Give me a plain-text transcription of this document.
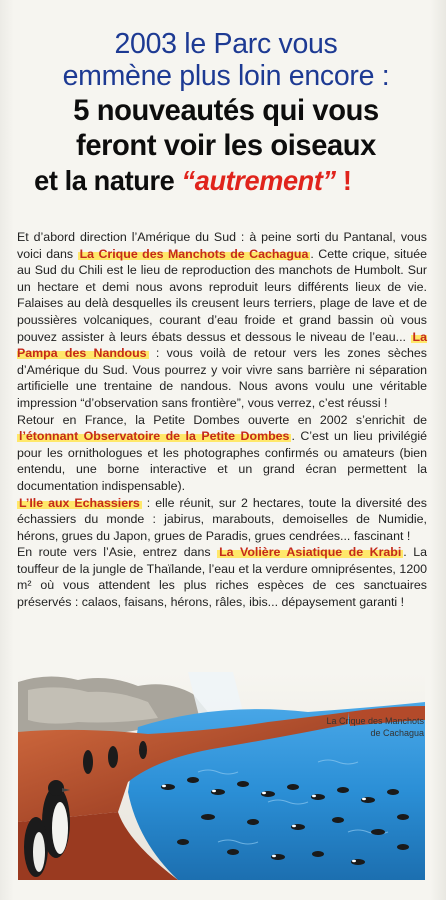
2003 le Parc vous
emmène plus loin encore :
5 nouveautés qui vous
feront voir les oiseaux
et la nature “autrement” !

Et d’abord direction l’Amérique du Sud : à peine sorti du Pantanal, vous voici dans La Crique des Manchots de Cachagua . Cette crique, située au Sud du Chili est le lieu de reproduction des manchots de Humbolt. Sur un hectare et demi nous avons reproduit leurs différents lieux de vie. Falaises au delà desquelles ils creusent leurs terriers, plage de lave et de poussières volcaniques, courant d’eau froide et grand bassin où vous pouvez assister à leurs ébats dessus et dessous le niveau de l’eau... La Pampa des Nandous : vous voilà de retour vers les zones sèches d’Amérique du Sud. Vous pourrez y voir vivre sans barrière ni séparation artificielle une trentaine de nandous. Nous avons voulu une véritable impression “d’observation sans frontière”, vous verrez, c’est réussi !

Retour en France, la Petite Dombes ouverte en 2002 s’enrichit de l’étonnant Observatoire de la Petite Dombes . C’est un lieu privilégié pour les ornithologues et les photographes confirmés ou amateurs (bien entendu, une borne interactive et un grand écran permettent la documentation indispensable).

L’Ile aux Echassiers : elle réunit, sur 2 hectares, toute la diversité des échassiers du monde : jabirus, marabouts, demoiselles de Numidie, hérons, grues du Japon, grues de Paradis, grues cendrées... fascinant !

En route vers l’Asie, entrez dans La Volière Asiatique de Krabi . La touffeur de la jungle de Thaïlande, l’eau et la verdure omniprésentes, 1200 m² où vous attendent les plus riches espèces de ces sanctuaires préservés : calaos, faisans, hérons, râles, ibis... dépaysement garanti !

La Crique des Manchots
de Cachagua
